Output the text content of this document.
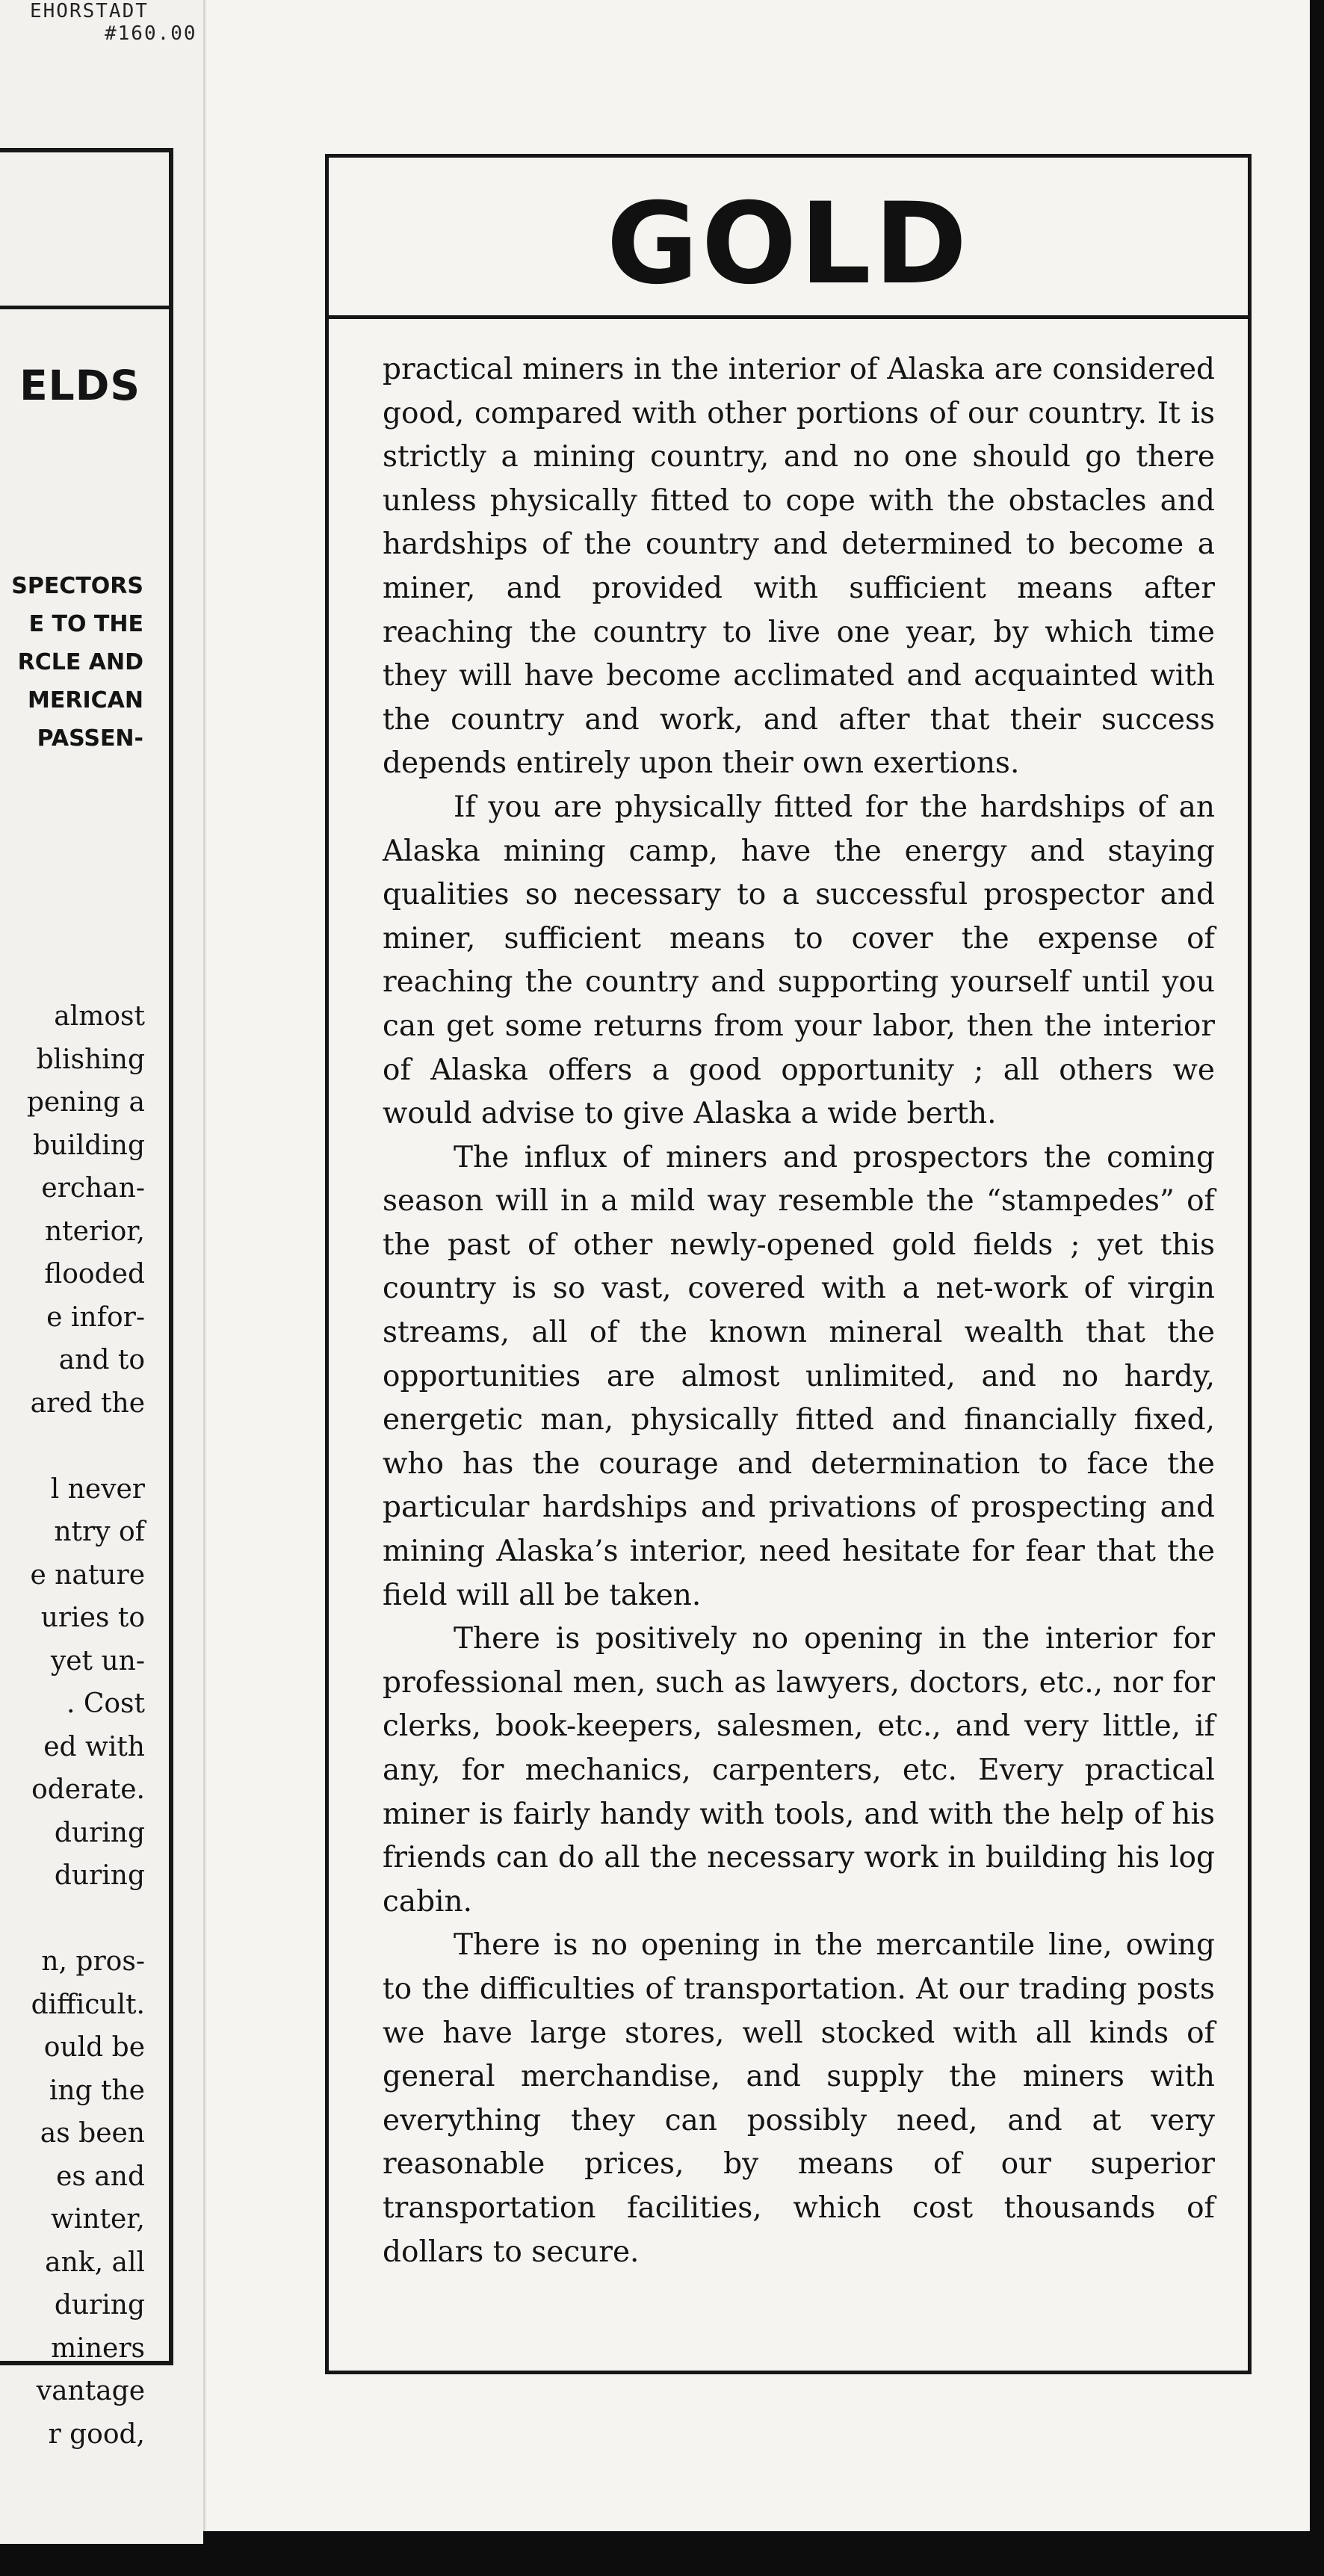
EHORSTADT
#160.00
ELDS
SPECTORS
E TO THE
RCLE AND
MERICAN
PASSEN-
almost
blishing
pening a
building
erchan-
nterior,
flooded
e infor-
and to
ared the
l never
ntry of
e nature
uries to
yet un-
. Cost
ed with
oderate.
during
during
n, pros-
difficult.
ould be
ing the
as been
es and
winter,
ank, all
during
miners
vantage
r good,
GOLD

practical miners in the interior of Alaska are considered good, compared with other portions of our country. It is strictly a mining country, and no one should go there unless physically fitted to cope with the obstacles and hardships of the country and determined to become a miner, and provided with sufficient means after reaching the country to live one year, by which time they will have become acclimated and acquainted with the country and work, and after that their success depends entirely upon their own exertions.

If you are physically fitted for the hardships of an Alaska mining camp, have the energy and staying qualities so necessary to a successful prospector and miner, sufficient means to cover the expense of reaching the country and supporting yourself until you can get some returns from your labor, then the interior of Alaska offers a good opportunity ; all others we would advise to give Alaska a wide berth.

The influx of miners and prospectors the coming season will in a mild way resemble the “stampedes” of the past of other newly-opened gold fields ; yet this country is so vast, covered with a net-work of virgin streams, all of the known mineral wealth that the opportunities are almost unlimited, and no hardy, energetic man, physically fitted and financially fixed, who has the courage and determination to face the particular hardships and privations of prospecting and mining Alaska’s interior, need hesitate for fear that the field will all be taken.

There is positively no opening in the interior for professional men, such as lawyers, doctors, etc., nor for clerks, book-keepers, salesmen, etc., and very little, if any, for mechanics, carpenters, etc. Every practical miner is fairly handy with tools, and with the help of his friends can do all the necessary work in building his log cabin.

There is no opening in the mercantile line, owing to the difficulties of transportation. At our trading posts we have large stores, well stocked with all kinds of general merchandise, and supply the miners with everything they can possibly need, and at very reasonable prices, by means of our superior transportation facilities, which cost thousands of dollars to secure.
